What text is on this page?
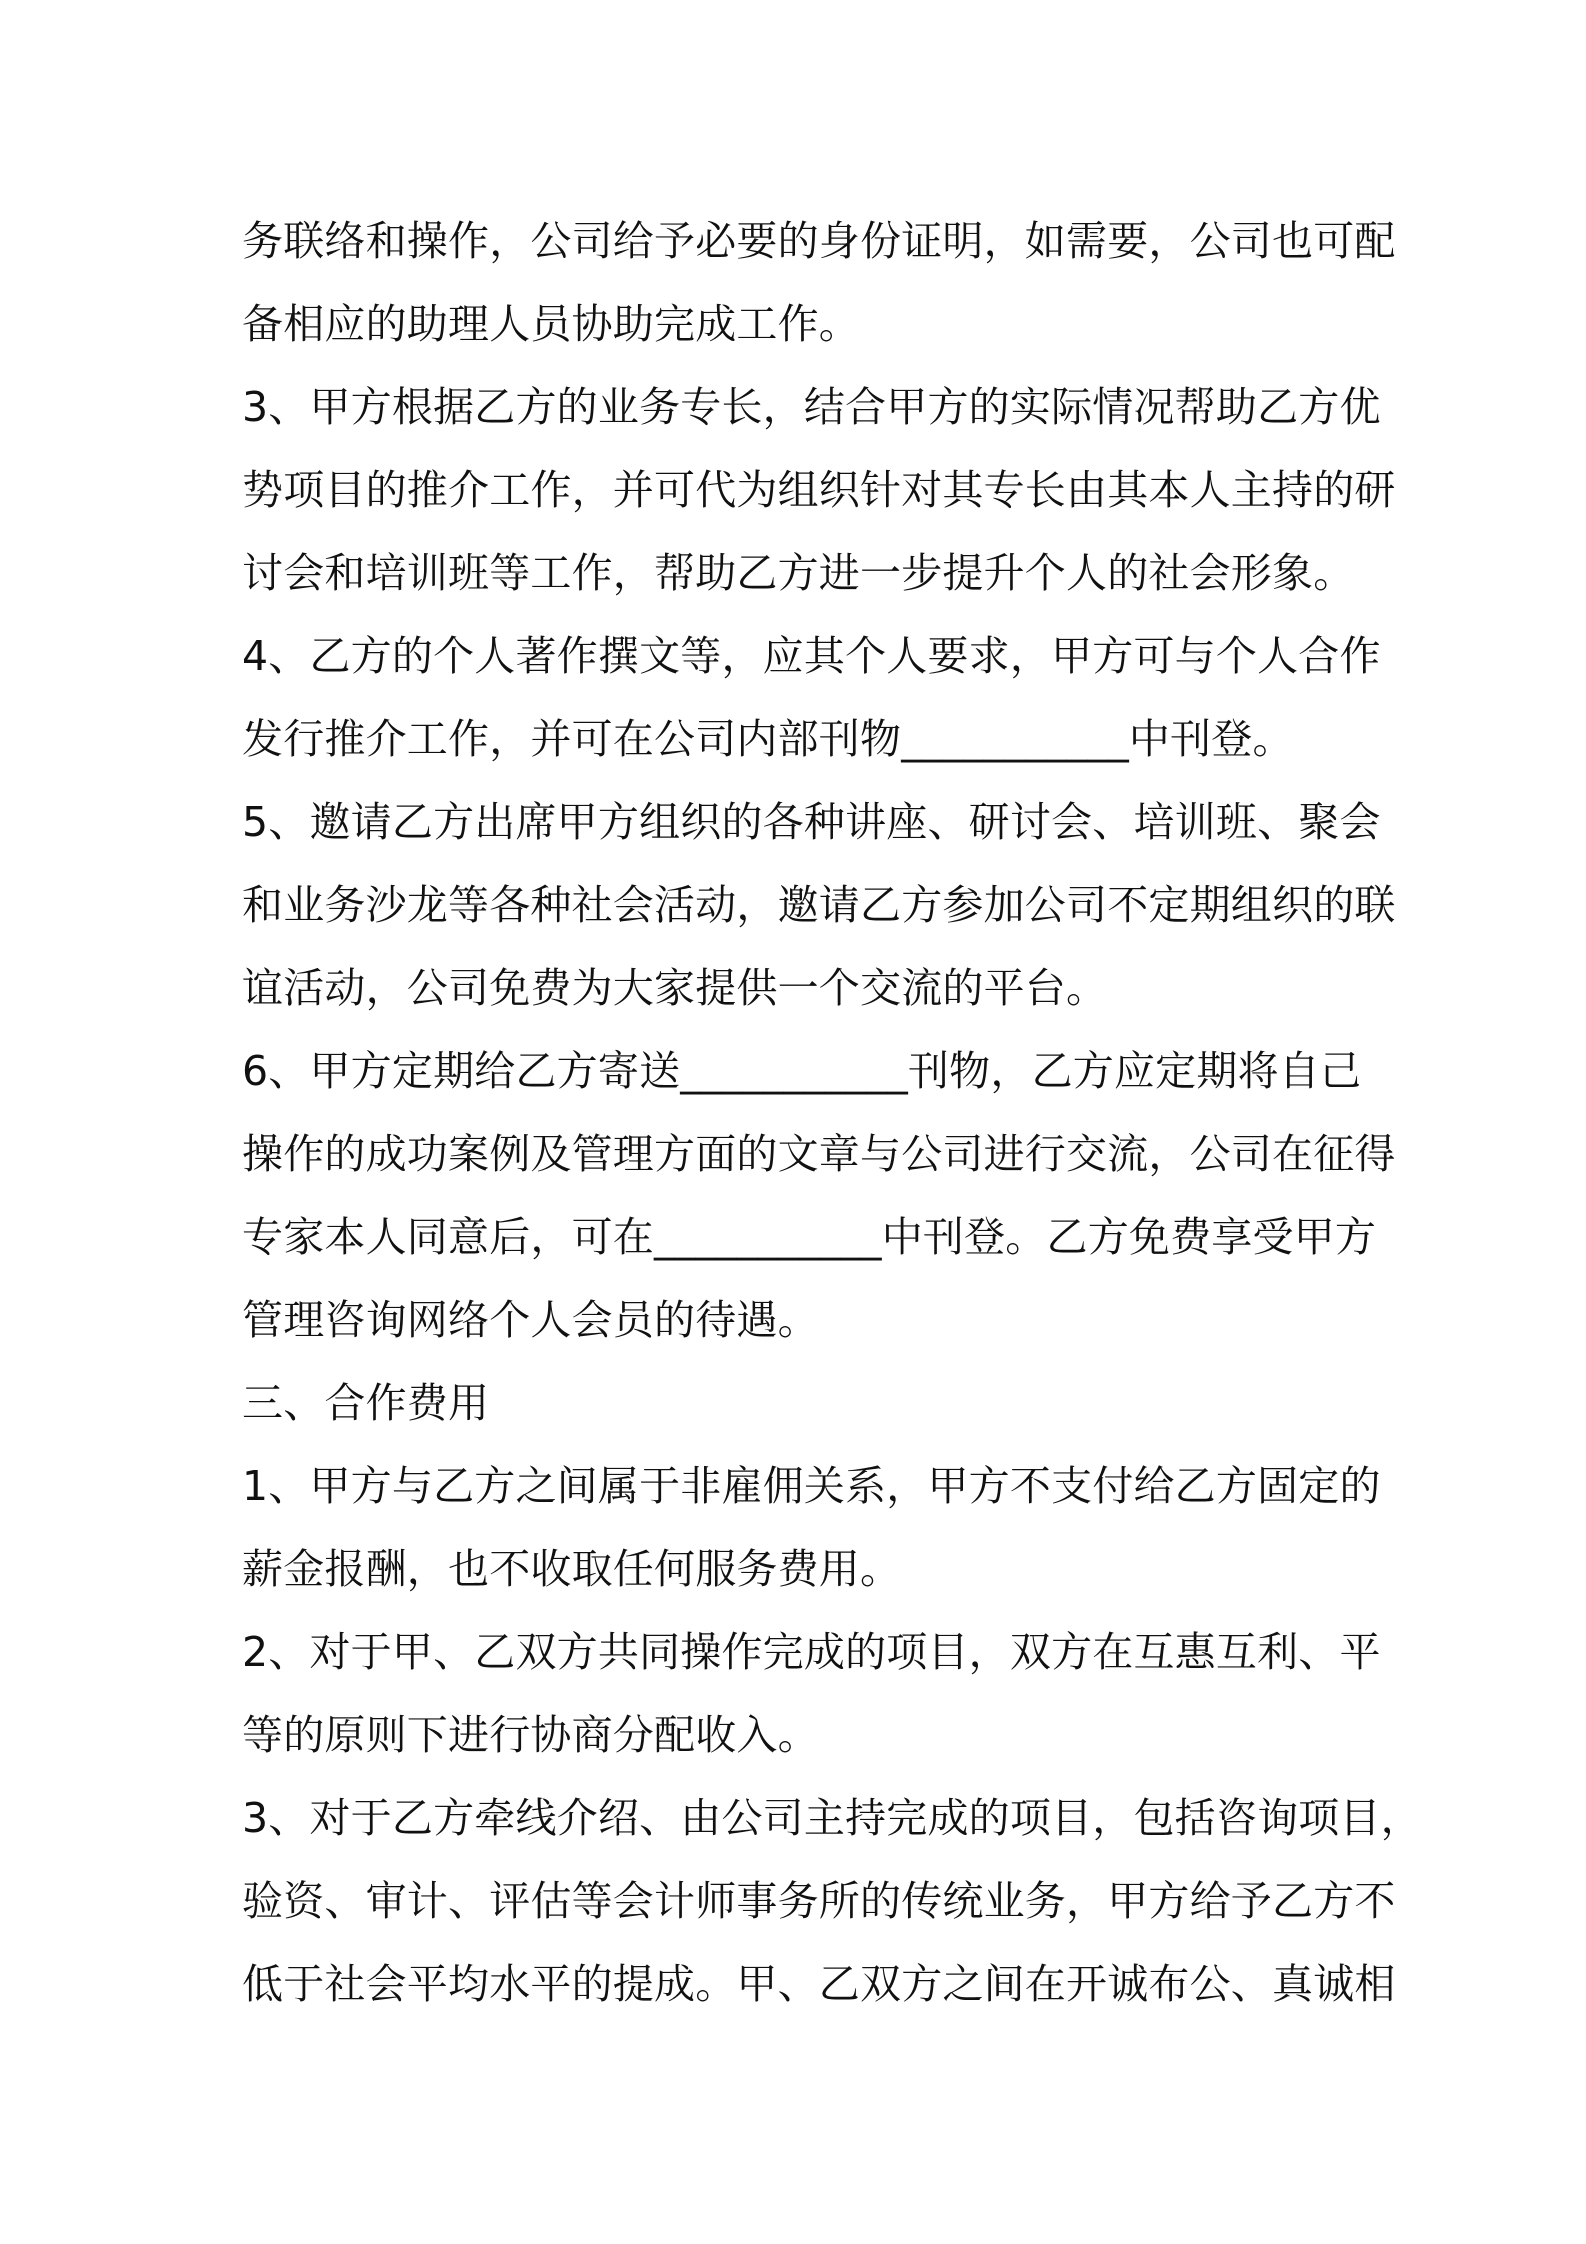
务联络和操作，公司给予必要的身份证明，如需要，公司也可配
备相应的助理人员协助完成工作。
3、甲方根据乙方的业务专长，结合甲方的实际情况帮助乙方优
势项目的推介工作，并可代为组织针对其专长由其本人主持的研
讨会和培训班等工作，帮助乙方进一步提升个人的社会形象。
4、乙方的个人著作撰文等，应其个人要求，甲方可与个人合作
发行推介工作，并可在公司内部刊物___________中刊登。
5、邀请乙方出席甲方组织的各种讲座、研讨会、培训班、聚会
和业务沙龙等各种社会活动，邀请乙方参加公司不定期组织的联
谊活动，公司免费为大家提供一个交流的平台。
6、甲方定期给乙方寄送___________刊物，乙方应定期将自己
操作的成功案例及管理方面的文章与公司进行交流，公司在征得
专家本人同意后，可在___________中刊登。乙方免费享受甲方
管理咨询网络个人会员的待遇。
三、合作费用
1、甲方与乙方之间属于非雇佣关系，甲方不支付给乙方固定的
薪金报酬，也不收取任何服务费用。
2、对于甲、乙双方共同操作完成的项目，双方在互惠互利、平
等的原则下进行协商分配收入。
3、对于乙方牵线介绍、由公司主持完成的项目，包括咨询项目，
验资、审计、评估等会计师事务所的传统业务，甲方给予乙方不
低于社会平均水平的提成。甲、乙双方之间在开诚布公、真诚相
